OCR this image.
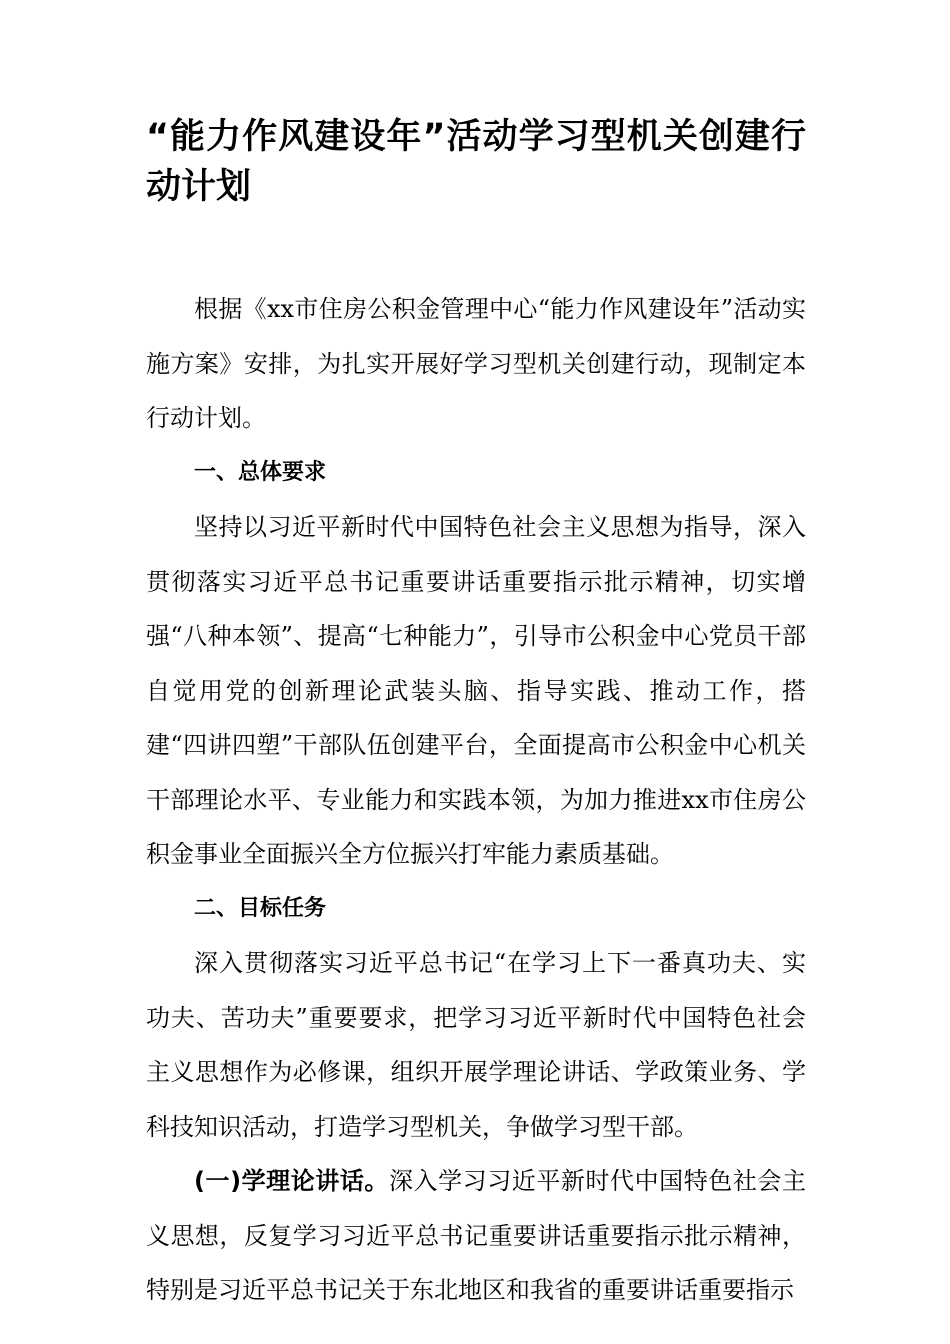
“能力作风建设年”活动学习型机关创建行动计划

根据《xx市住房公积金管理中心“能力作风建设年”活动实施方案》安排，为扎实开展好学习型机关创建行动，现制定本行动计划。

一、总体要求

坚持以习近平新时代中国特色社会主义思想为指导，深入贯彻落实习近平总书记重要讲话重要指示批示精神，切实增强“八种本领”、提高“七种能力”，引导市公积金中心党员干部自觉用党的创新理论武装头脑、指导实践、推动工作，搭建“四讲四塑”干部队伍创建平台，全面提高市公积金中心机关干部理论水平、专业能力和实践本领，为加力推进xx市住房公积金事业全面振兴全方位振兴打牢能力素质基础。

二、目标任务

深入贯彻落实习近平总书记“在学习上下一番真功夫、实功夫、苦功夫”重要要求，把学习习近平新时代中国特色社会主义思想作为必修课，组织开展学理论讲话、学政策业务、学科技知识活动，打造学习型机关，争做学习型干部。

(一)学理论讲话。深入学习习近平新时代中国特色社会主义思想，反复学习习近平总书记重要讲话重要指示批示精神，特别是习近平总书记关于东北地区和我省的重要讲话重要指示
